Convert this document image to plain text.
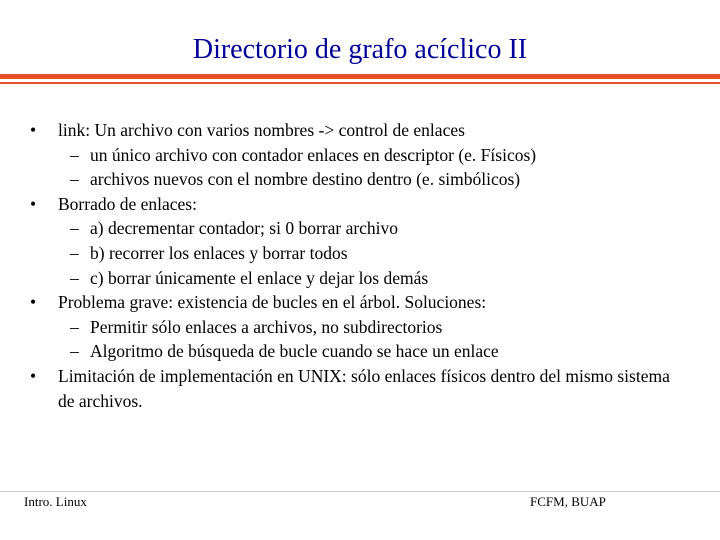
Directorio de grafo acíclico II
•	link: Un archivo con varios nombres -> control de enlaces
– un único archivo con contador enlaces en descriptor (e. Físicos)
– archivos nuevos con el nombre destino dentro (e. simbólicos)
•	Borrado de enlaces:
– a) decrementar contador; si 0 borrar archivo
– b) recorrer los enlaces y borrar todos
– c) borrar únicamente el enlace y dejar los demás
•	Problema grave: existencia de bucles en el árbol. Soluciones:
– Permitir sólo enlaces a archivos, no subdirectorios
– Algoritmo de búsqueda de bucle cuando se hace un enlace
•	Limitación de implementación en UNIX: sólo enlaces físicos dentro del mismo sistema de archivos.
Intro. Linux	FCFM, BUAP
